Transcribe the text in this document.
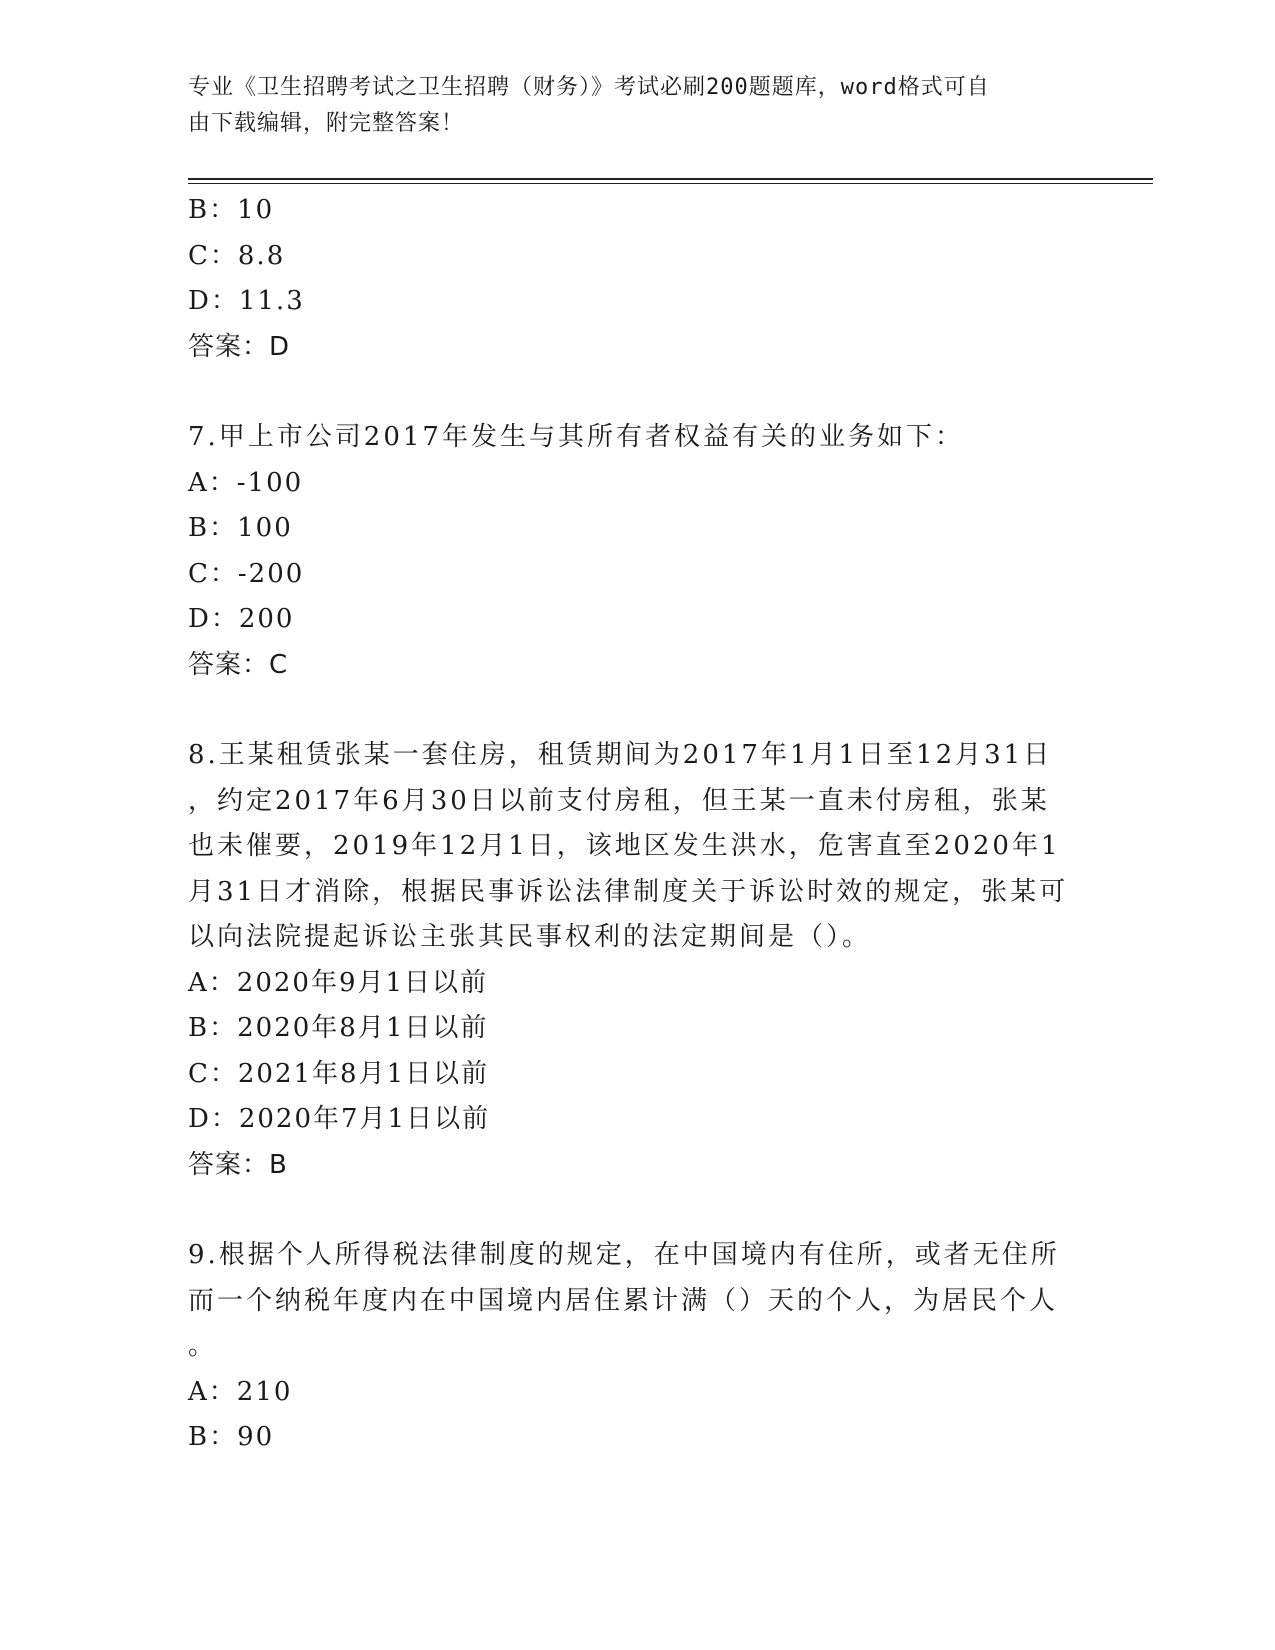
专业《卫生招聘考试之卫生招聘（财务）》考试必刷200题题库，word格式可自
由下载编辑，附完整答案！
B：10
C：8.8
D：11.3
答案：D
7.甲上市公司2017年发生与其所有者权益有关的业务如下：
A：-100
B：100
C：-200
D：200
答案：C
8.王某租赁张某一套住房，租赁期间为2017年1月1日至12月31日
，约定2017年6月30日以前支付房租，但王某一直未付房租，张某
也未催要，2019年12月1日，该地区发生洪水，危害直至2020年1
月31日才消除，根据民事诉讼法律制度关于诉讼时效的规定，张某可
以向法院提起诉讼主张其民事权利的法定期间是（）。
A：2020年9月1日以前
B：2020年8月1日以前
C：2021年8月1日以前
D：2020年7月1日以前
答案：B
9.根据个人所得税法律制度的规定，在中国境内有住所，或者无住所
而一个纳税年度内在中国境内居住累计满（）天的个人，为居民个人
。
A：210
B：90
